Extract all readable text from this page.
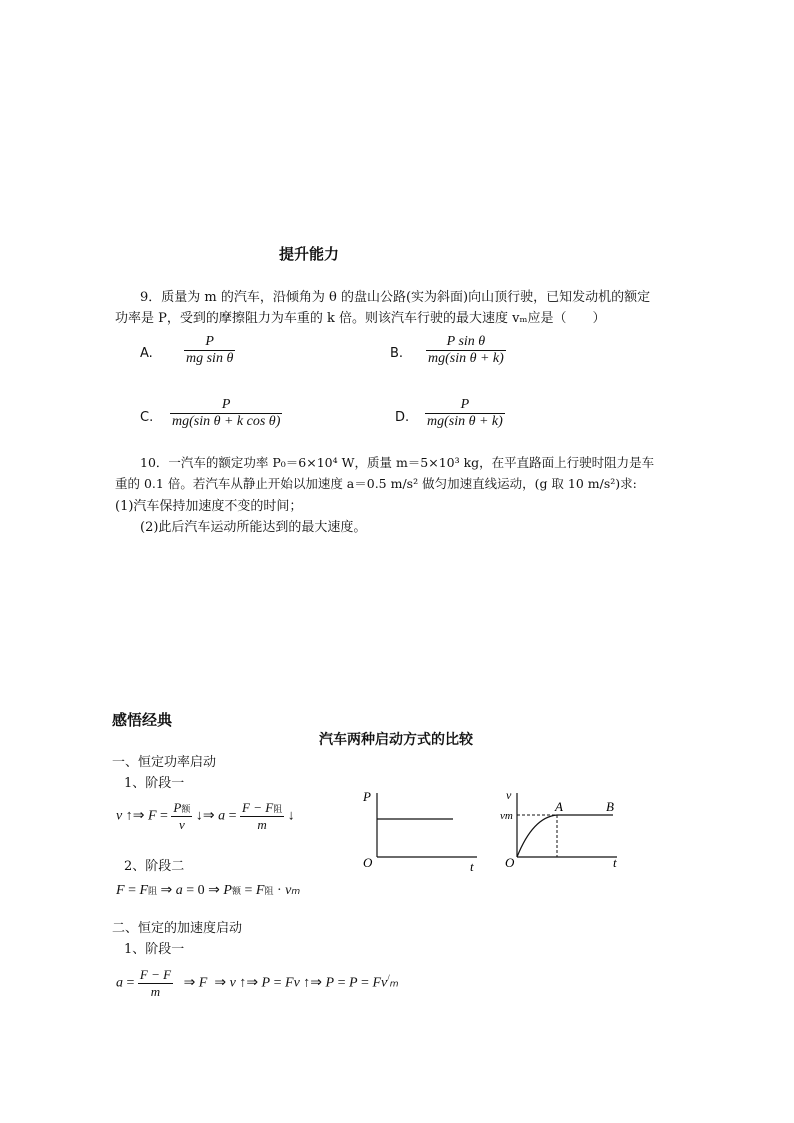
提升能力
9．质量为 m 的汽车，沿倾角为 θ 的盘山公路(实为斜面)向山顶行驶，已知发动机的额定
功率是 P，受到的摩擦阻力为车重的 k 倍。则该汽车行驶的最大速度 vₘ应是（　　）
A. $\frac{P}{\text{mg sin θ}}$	B. $\frac{\text{P sin θ}}{\text{mg(sin θ + k)}}$
C. $\frac{P}{\text{mg(sin θ + k cos θ)}}$	D. $\frac{P}{\text{mg(sin θ + k)}}$
10．一汽车的额定功率 P₀＝6×10⁴ W，质量 m＝5×10³ kg，在平直路面上行驶时阻力是车
重的 0.1 倍。若汽车从静止开始以加速度 a＝0.5 m/s² 做匀加速直线运动，(g 取 10 m/s²)求:
(1)汽车保持加速度不变的时间；
(2)此后汽车运动所能达到的最大速度。
感悟经典
汽车两种启动方式的比较
一、恒定功率启动
1、阶段一
v ↑⇒ $F = \frac{\text{P额}}{v}$ ↓⇒ $a = \frac{\text{F − F阻}}{m}$ ↓
2、阶段二
F = F阻 ⇒ a = 0 ⇒ P额 = F阻 · vm
二、恒定的加速度启动
1、阶段一
$a = \frac{F - F}{m}$ ⇒ F  ⇒ v ↑⇒ P = Fv ↑⇒ P = P = Fv/m
P
O	t
v
vm
A	B
O	t
